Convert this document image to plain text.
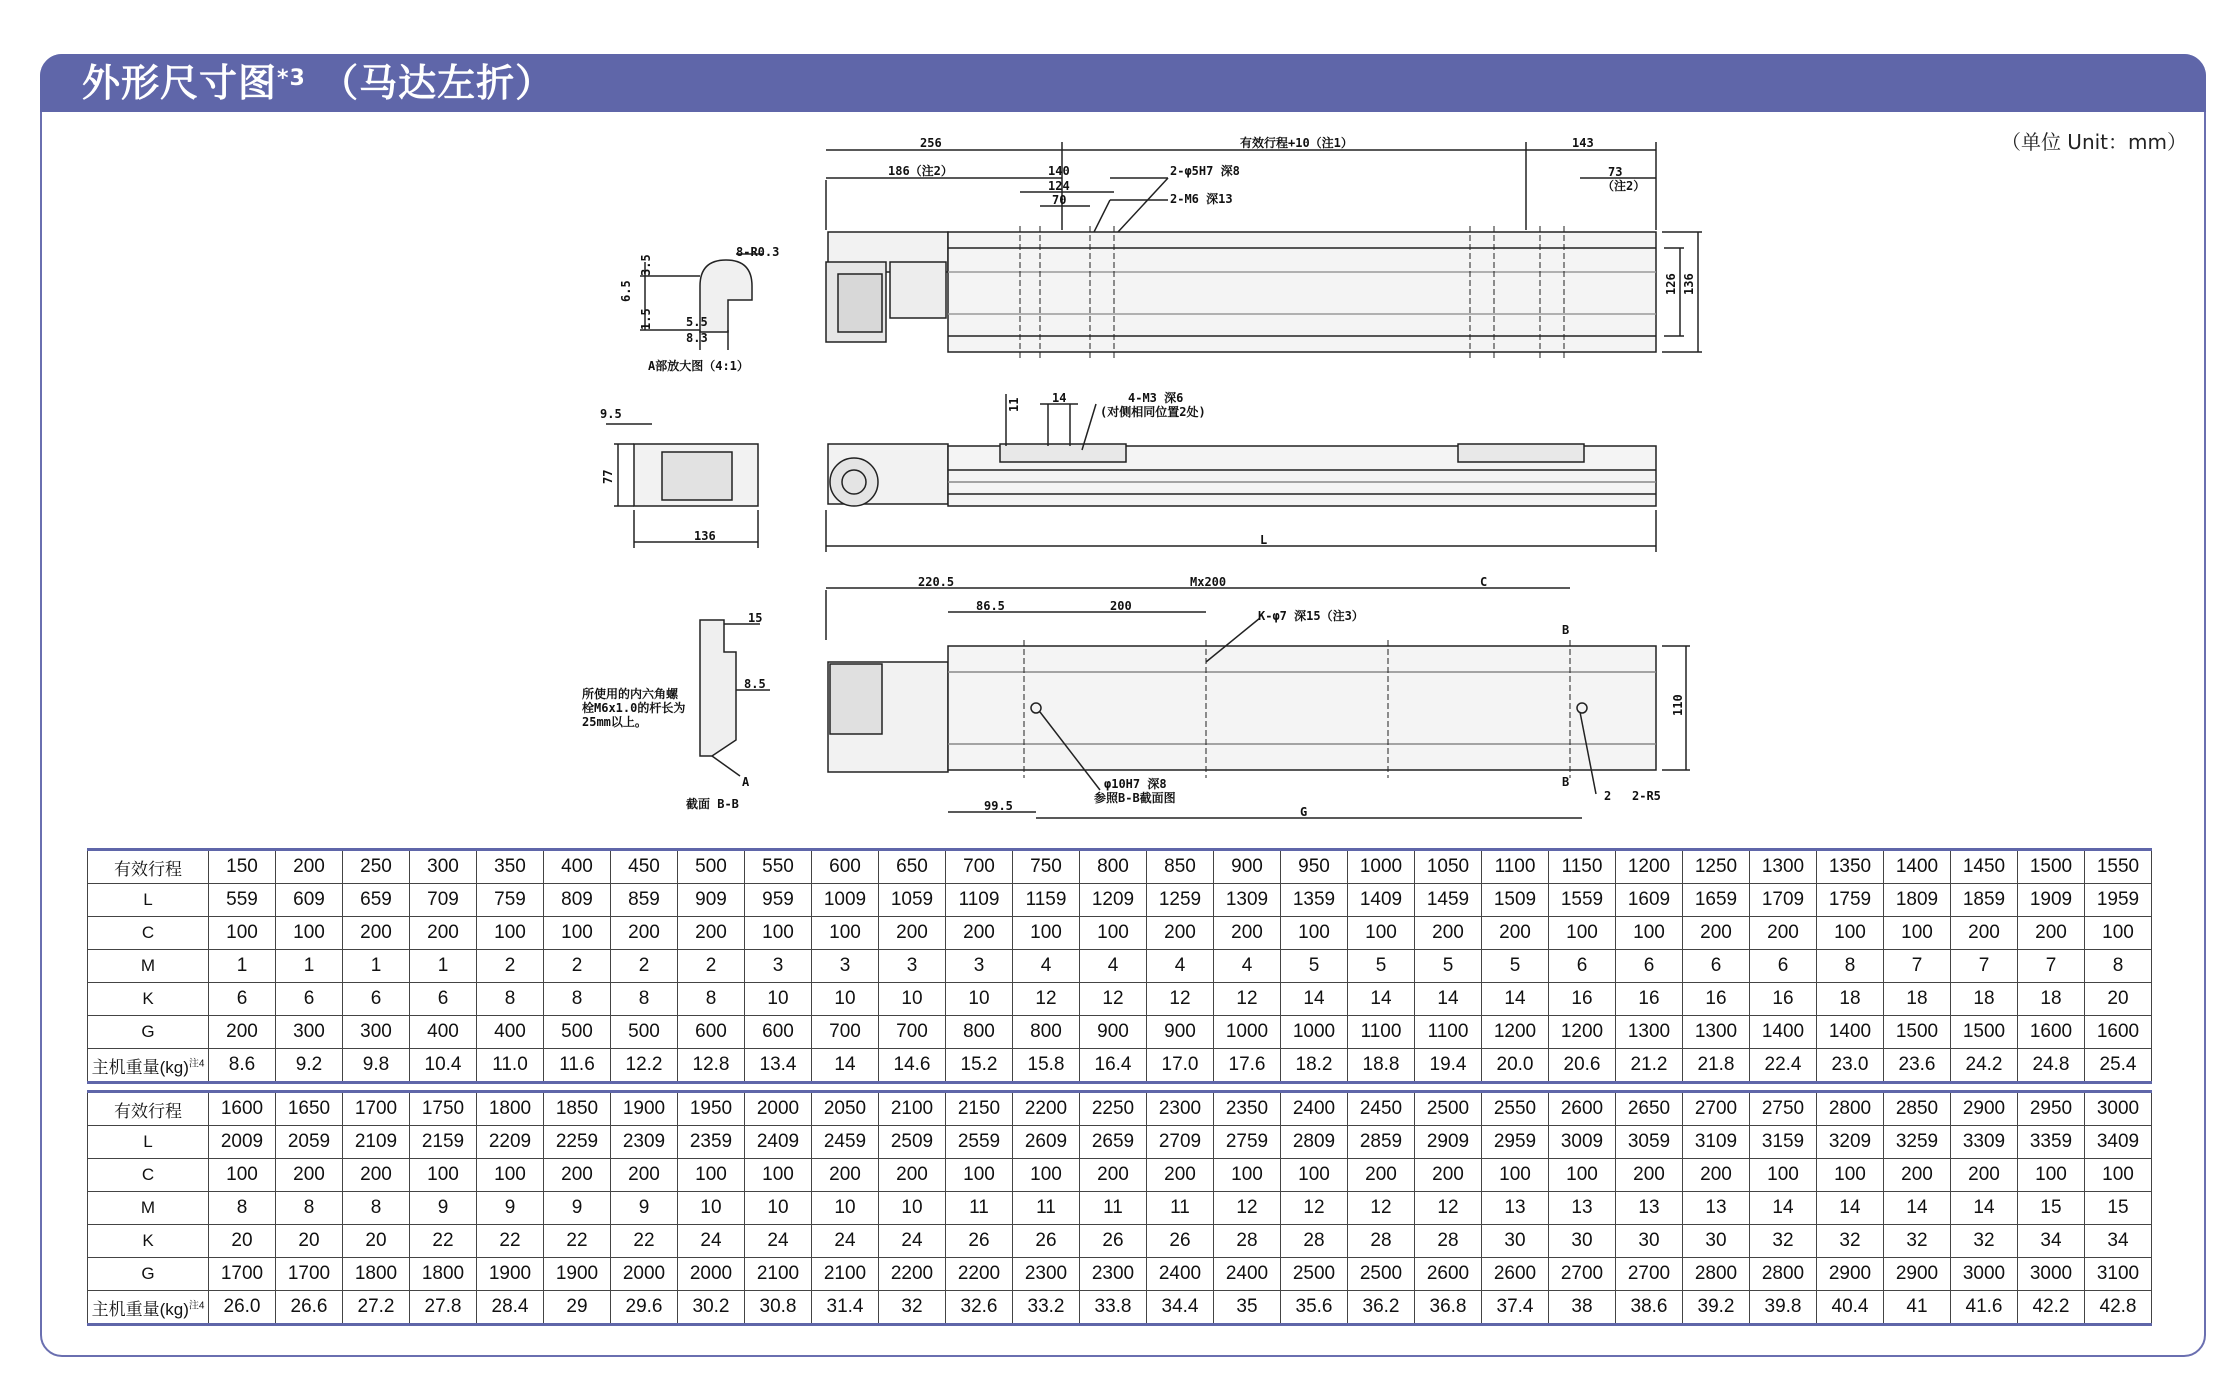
外形尺寸图$^{*3}$ （马达左折）
（单位 Unit：mm）
256	有效行程+10（注1）	143
186（注2）	140
124
70
2-φ5H7 深8
2-M6 深13
73
（注2）
126 136
8-R0.3
3.5
6.5
1.5	5.5
8.3
A部放大图（4:1）
9.5
77
136
14
11	4-M3 深6
(对侧相同位置2处)
L
15
8.5
所使用的内六角螺
栓M6x1.0的杆长为
25mm以上。
A
截面 B-B
220.5	Mx200	C
86.5	200
K-φ7 深15（注3）
B
B
110
φ10H7 深8
参照B-B截面图
99.5	G
2 2-R5
有效行程	150	200	250	300	350	400	450	500	550	600	650	700	750	800	850	900	950	1000	1050	1100	1150	1200	1250	1300	1350	1400	1450	1500	1550
L	559	609	659	709	759	809	859	909	959	1009	1059	1109	1159	1209	1259	1309	1359	1409	1459	1509	1559	1609	1659	1709	1759	1809	1859	1909	1959
C	100	100	200	200	100	100	200	200	100	100	200	200	100	100	200	200	100	100	200	200	100	100	200	200	100	100	200	200	100
M	1	1	1	1	2	2	2	2	3	3	3	3	4	4	4	4	5	5	5	5	6	6	6	6	8	7	7	7	8
K	6	6	6	6	8	8	8	8	10	10	10	10	12	12	12	12	14	14	14	14	16	16	16	16	18	18	18	18	20
G	200	300	300	400	400	500	500	600	600	700	700	800	800	900	900	1000	1000	1100	1100	1200	1200	1300	1300	1400	1400	1500	1500	1600	1600
主机重量(kg)$^{注4}$	8.6	9.2	9.8	10.4	11.0	11.6	12.2	12.8	13.4	14	14.6	15.2	15.8	16.4	17.0	17.6	18.2	18.8	19.4	20.0	20.6	21.2	21.8	22.4	23.0	23.6	24.2	24.8	25.4
有效行程	1600	1650	1700	1750	1800	1850	1900	1950	2000	2050	2100	2150	2200	2250	2300	2350	2400	2450	2500	2550	2600	2650	2700	2750	2800	2850	2900	2950	3000
L	2009	2059	2109	2159	2209	2259	2309	2359	2409	2459	2509	2559	2609	2659	2709	2759	2809	2859	2909	2959	3009	3059	3109	3159	3209	3259	3309	3359	3409
C	100	200	200	100	100	200	200	100	100	200	200	100	100	200	200	100	100	200	200	100	100	200	200	100	100	200	200	100	100
M	8	8	8	9	9	9	9	10	10	10	10	11	11	11	11	12	12	12	12	13	13	13	13	14	14	14	14	15	15
K	20	20	20	22	22	22	22	24	24	24	24	26	26	26	26	28	28	28	28	30	30	30	30	32	32	32	32	34	34
G	1700	1700	1800	1800	1900	1900	2000	2000	2100	2100	2200	2200	2300	2300	2400	2400	2500	2500	2600	2600	2700	2700	2800	2800	2900	2900	3000	3000	3100
主机重量(kg)$^{注4}$	26.0	26.6	27.2	27.8	28.4	29	29.6	30.2	30.8	31.4	32	32.6	33.2	33.8	34.4	35	35.6	36.2	36.8	37.4	38	38.6	39.2	39.8	40.4	41	41.6	42.2	42.8
